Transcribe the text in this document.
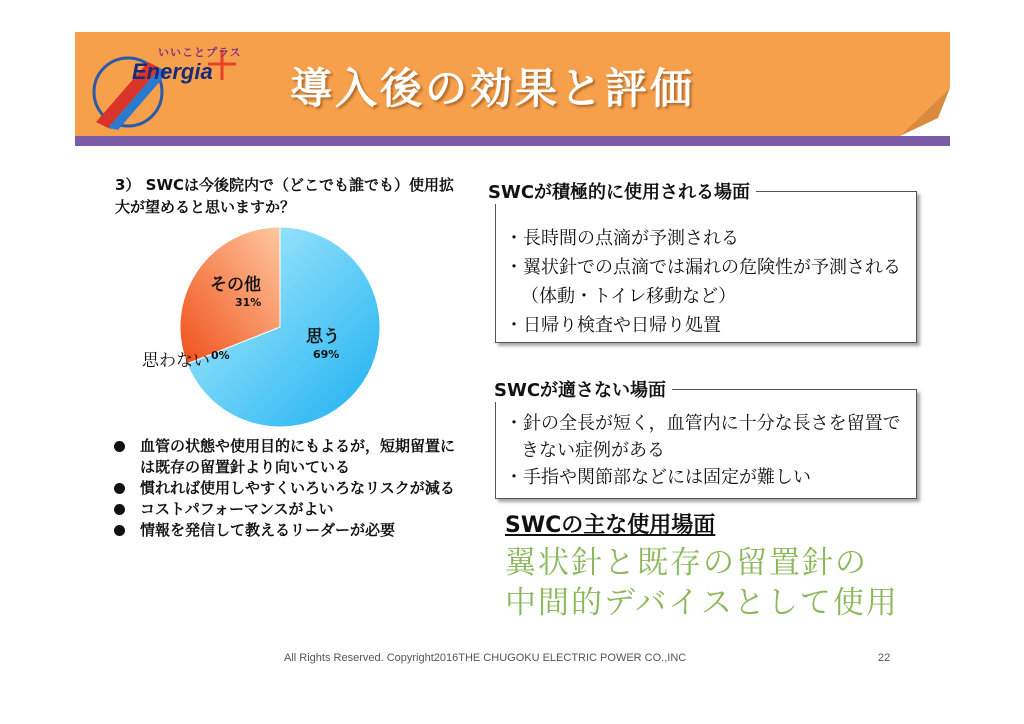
いいことプラス
Energia 導入後の効果と評価
3） SWCは今後院内で（どこでも誰でも）使用拡大が望めると思いますか？
その他
31%
思う
69%
思わない 0%
血管の状態や使用目的にもよるが，短期留置には既存の留置針より向いている
慣れれば使用しやすくいろいろなリスクが減る
コストパフォーマンスがよい
情報を発信して教えるリーダーが必要
SWCが積極的に使用される場面
・長時間の点滴が予測される
・翼状針での点滴では漏れの危険性が予測される（体動・トイレ移動など）
・日帰り検査や日帰り処置
SWCが適さない場面
・針の全長が短く，血管内に十分な長さを留置できない症例がある
・手指や関節部などには固定が難しい
SWCの主な使用場面
翼状針と既存の留置針の
中間的デバイスとして使用
All Rights Reserved. Copyright2016THE CHUGOKU ELECTRIC POWER CO.,INC	22
